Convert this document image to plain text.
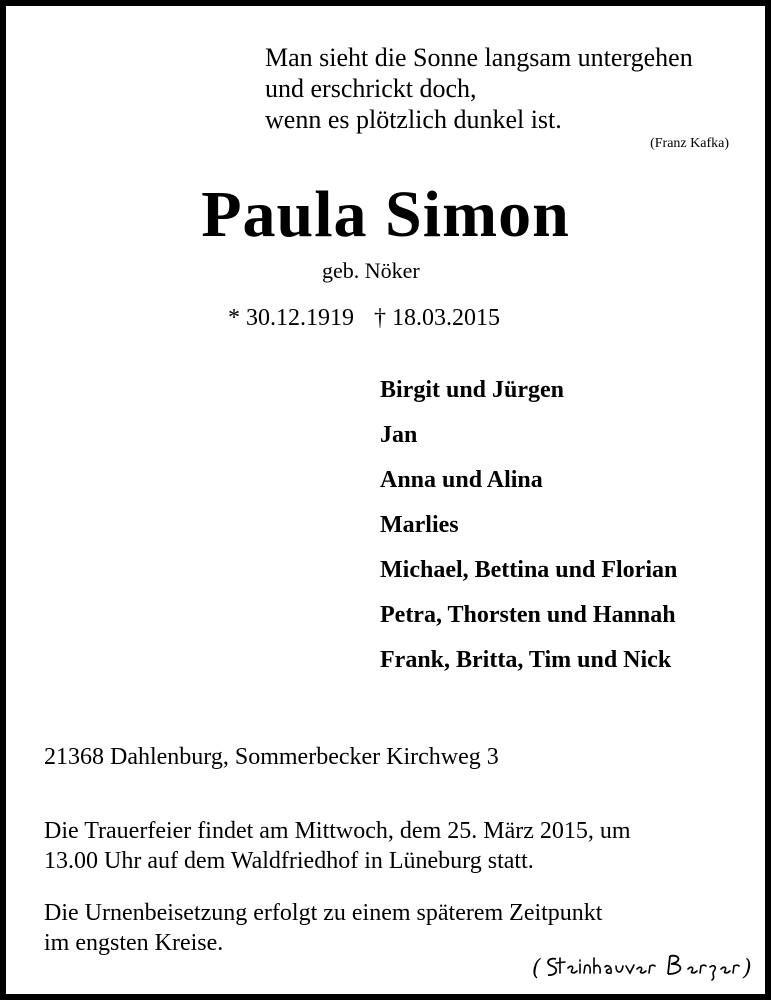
Man sieht die Sonne langsam untergehen
und erschrickt doch,
wenn es plötzlich dunkel ist.
(Franz Kafka)
Paula Simon
geb. Nöker
* 30.12.1919 † 18.03.2015
Birgit und Jürgen
Jan
Anna und Alina
Marlies
Michael, Bettina und Florian
Petra, Thorsten und Hannah
Frank, Britta, Tim und Nick
21368 Dahlenburg, Sommerbecker Kirchweg 3
Die Trauerfeier findet am Mittwoch, dem 25. März 2015, um
13.00 Uhr auf dem Waldfriedhof in Lüneburg statt.
Die Urnenbeisetzung erfolgt zu einem späterem Zeitpunkt
im engsten Kreise.
(	)
